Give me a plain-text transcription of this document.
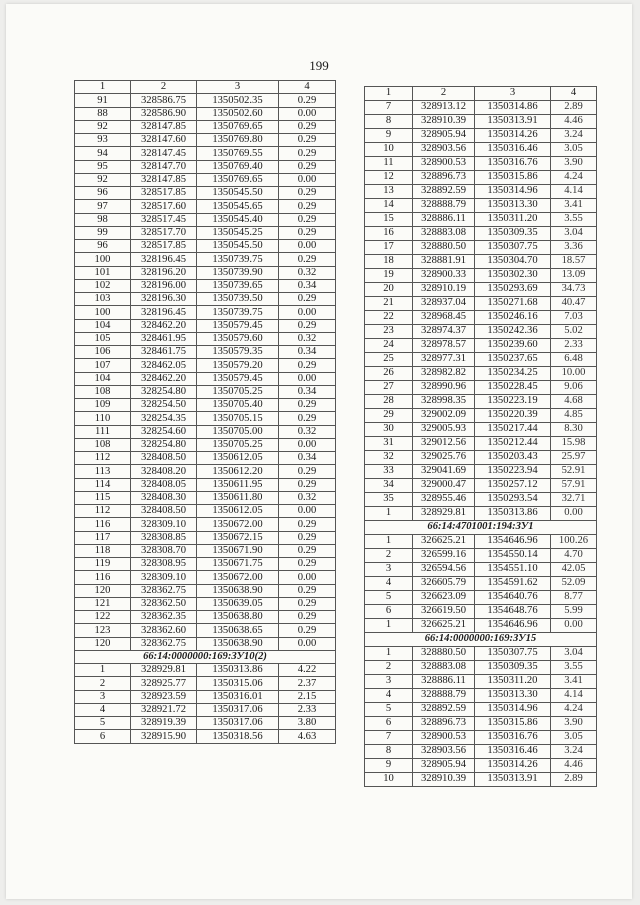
199
1	2	3	4
91	328586.75	1350502.35	0.29
88	328586.90	1350502.60	0.00
92	328147.85	1350769.65	0.29
93	328147.60	1350769.80	0.29
94	328147.45	1350769.55	0.29
95	328147.70	1350769.40	0.29
92	328147.85	1350769.65	0.00
96	328517.85	1350545.50	0.29
97	328517.60	1350545.65	0.29
98	328517.45	1350545.40	0.29
99	328517.70	1350545.25	0.29
96	328517.85	1350545.50	0.00
100	328196.45	1350739.75	0.29
101	328196.20	1350739.90	0.32
102	328196.00	1350739.65	0.34
103	328196.30	1350739.50	0.29
100	328196.45	1350739.75	0.00
104	328462.20	1350579.45	0.29
105	328461.95	1350579.60	0.32
106	328461.75	1350579.35	0.34
107	328462.05	1350579.20	0.29
104	328462.20	1350579.45	0.00
108	328254.80	1350705.25	0.34
109	328254.50	1350705.40	0.29
110	328254.35	1350705.15	0.29
111	328254.60	1350705.00	0.32
108	328254.80	1350705.25	0.00
112	328408.50	1350612.05	0.34
113	328408.20	1350612.20	0.29
114	328408.05	1350611.95	0.29
115	328408.30	1350611.80	0.32
112	328408.50	1350612.05	0.00
116	328309.10	1350672.00	0.29
117	328308.85	1350672.15	0.29
118	328308.70	1350671.90	0.29
119	328308.95	1350671.75	0.29
116	328309.10	1350672.00	0.00
120	328362.75	1350638.90	0.29
121	328362.50	1350639.05	0.29
122	328362.35	1350638.80	0.29
123	328362.60	1350638.65	0.29
120	328362.75	1350638.90	0.00
66:14:0000000:169:ЗУ10(2)			
1	328929.81	1350313.86	4.22
2	328925.77	1350315.06	2.37
3	328923.59	1350316.01	2.15
4	328921.72	1350317.06	2.33
5	328919.39	1350317.06	3.80
6	328915.90	1350318.56	4.63
1	2	3	4
7	328913.12	1350314.86	2.89
8	328910.39	1350313.91	4.46
9	328905.94	1350314.26	3.24
10	328903.56	1350316.46	3.05
11	328900.53	1350316.76	3.90
12	328896.73	1350315.86	4.24
13	328892.59	1350314.96	4.14
14	328888.79	1350313.30	3.41
15	328886.11	1350311.20	3.55
16	328883.08	1350309.35	3.04
17	328880.50	1350307.75	3.36
18	328881.91	1350304.70	18.57
19	328900.33	1350302.30	13.09
20	328910.19	1350293.69	34.73
21	328937.04	1350271.68	40.47
22	328968.45	1350246.16	7.03
23	328974.37	1350242.36	5.02
24	328978.57	1350239.60	2.33
25	328977.31	1350237.65	6.48
26	328982.82	1350234.25	10.00
27	328990.96	1350228.45	9.06
28	328998.35	1350223.19	4.68
29	329002.09	1350220.39	4.85
30	329005.93	1350217.44	8.30
31	329012.56	1350212.44	15.98
32	329025.76	1350203.43	25.97
33	329041.69	1350223.94	52.91
34	329000.47	1350257.12	57.91
35	328955.46	1350293.54	32.71
1	328929.81	1350313.86	0.00
66:14:4701001:194:ЗУ1			
1	326625.21	1354646.96	100.26
2	326599.16	1354550.14	4.70
3	326594.56	1354551.10	42.05
4	326605.79	1354591.62	52.09
5	326623.09	1354640.76	8.77
6	326619.50	1354648.76	5.99
1	326625.21	1354646.96	0.00
66:14:0000000:169:ЗУ15			
1	328880.50	1350307.75	3.04
2	328883.08	1350309.35	3.55
3	328886.11	1350311.20	3.41
4	328888.79	1350313.30	4.14
5	328892.59	1350314.96	4.24
6	328896.73	1350315.86	3.90
7	328900.53	1350316.76	3.05
8	328903.56	1350316.46	3.24
9	328905.94	1350314.26	4.46
10	328910.39	1350313.91	2.89
